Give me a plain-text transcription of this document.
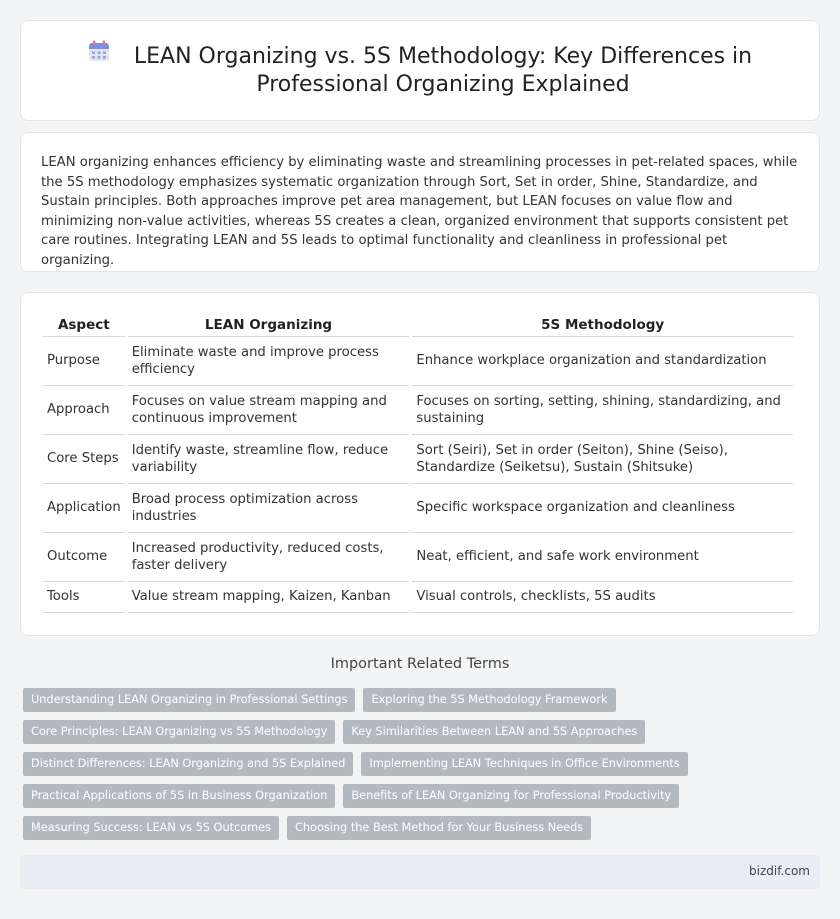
LEAN Organizing vs. 5S Methodology: Key Differences in Professional Organizing Explained

LEAN organizing enhances efficiency by eliminating waste and streamlining processes in pet-related spaces, while the 5S methodology emphasizes systematic organization through Sort, Set in order, Shine, Standardize, and Sustain principles. Both approaches improve pet area management, but LEAN focuses on value flow and minimizing non-value activities, whereas 5S creates a clean, organized environment that supports consistent pet care routines. Integrating LEAN and 5S leads to optimal functionality and cleanliness in professional pet organizing.

Aspect	LEAN Organizing	5S Methodology
Purpose	Eliminate waste and improve process efficiency	Enhance workplace organization and standardization
Approach	Focuses on value stream mapping and continuous improvement	Focuses on sorting, setting, shining, standardizing, and sustaining
Core Steps	Identify waste, streamline flow, reduce variability	Sort (Seiri), Set in order (Seiton), Shine (Seiso), Standardize (Seiketsu), Sustain (Shitsuke)
Application	Broad process optimization across industries	Specific workspace organization and cleanliness
Outcome	Increased productivity, reduced costs, faster delivery	Neat, efficient, and safe work environment
Tools	Value stream mapping, Kaizen, Kanban	Visual controls, checklists, 5S audits
Important Related Terms
Understanding LEAN Organizing in Professional Settings	Exploring the 5S Methodology Framework
Core Principles: LEAN Organizing vs 5S Methodology	Key Similarities Between LEAN and 5S Approaches
Distinct Differences: LEAN Organizing and 5S Explained	Implementing LEAN Techniques in Office Environments
Practical Applications of 5S in Business Organization	Benefits of LEAN Organizing for Professional Productivity
Measuring Success: LEAN vs 5S Outcomes	Choosing the Best Method for Your Business Needs
bizdif.com
